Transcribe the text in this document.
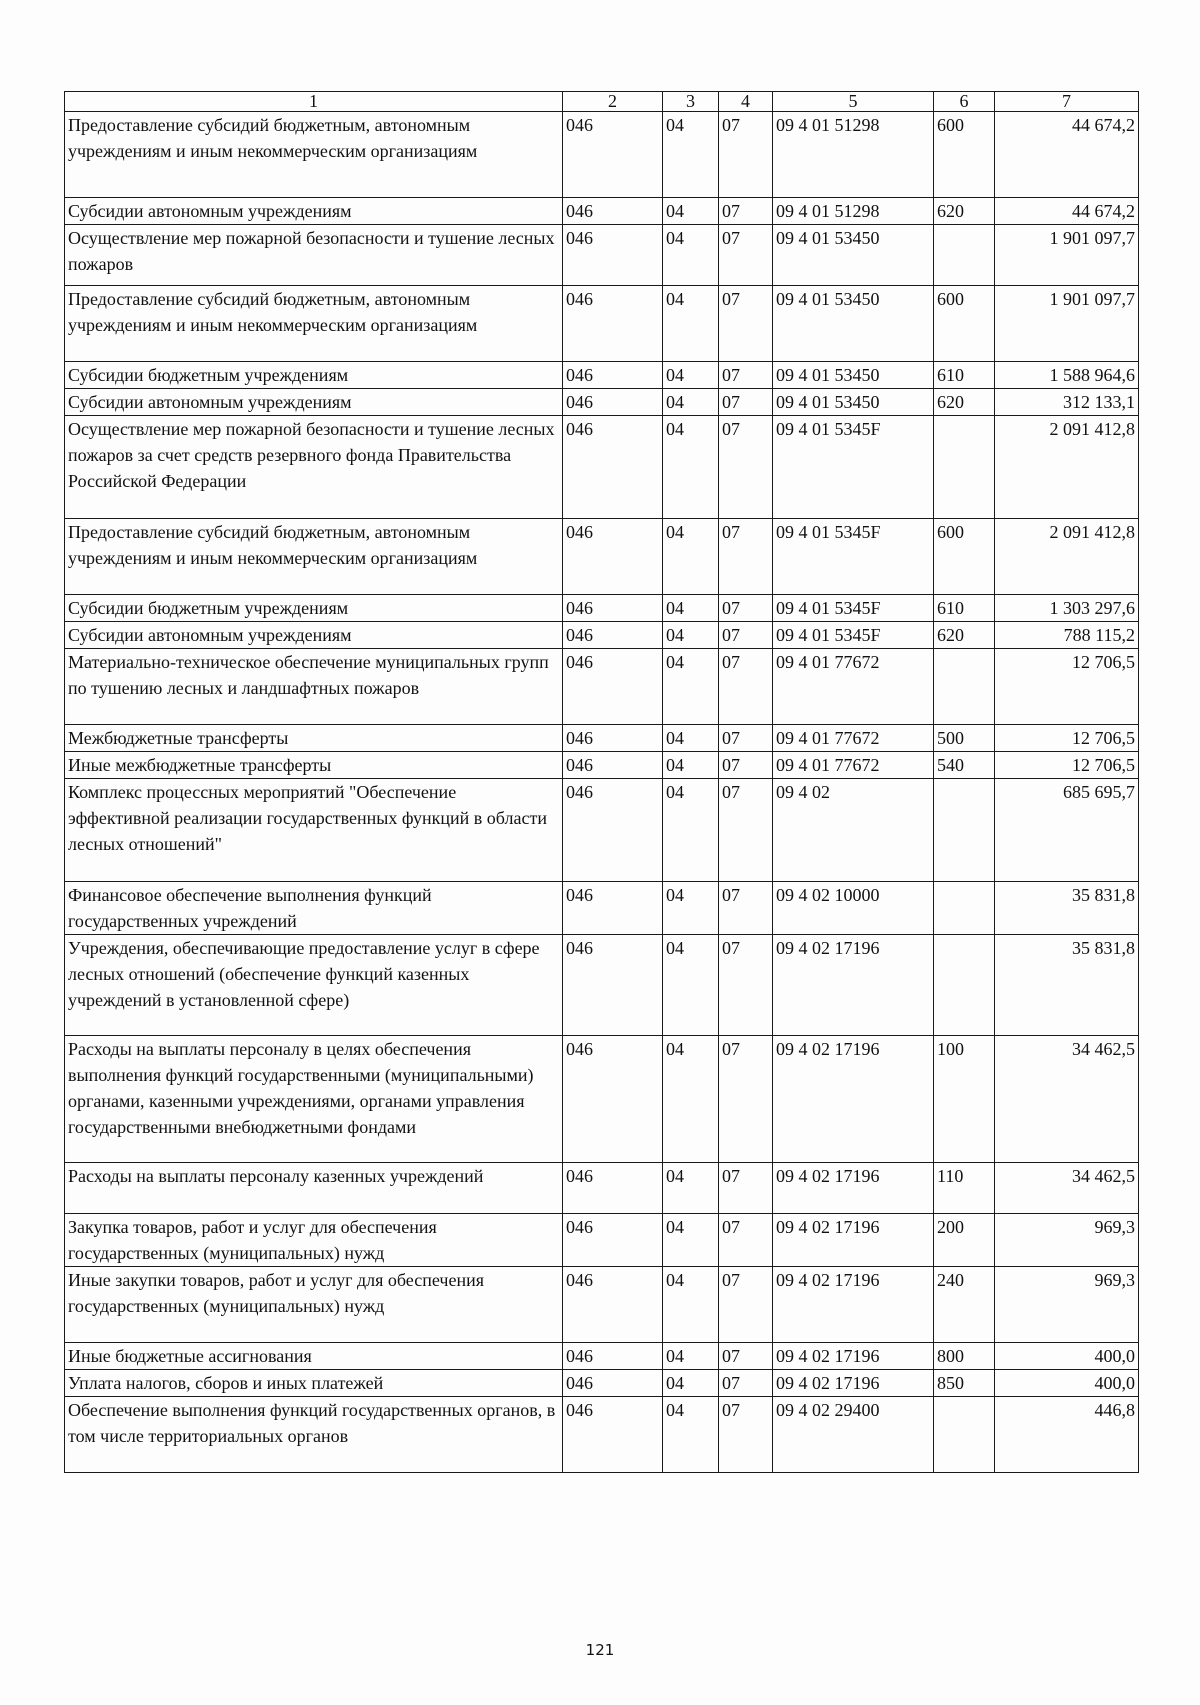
1	2	3	4	5	6	7
Предоставление субсидий бюджетным, автономным учреждениям и иным некоммерческим организациям	046	04	07	09 4 01 51298	600	44 674,2
Субсидии автономным учреждениям	046	04	07	09 4 01 51298	620	44 674,2
Осуществление мер пожарной безопасности и тушение лесных пожаров	046	04	07	09 4 01 53450		1 901 097,7
Предоставление субсидий бюджетным, автономным учреждениям и иным некоммерческим организациям	046	04	07	09 4 01 53450	600	1 901 097,7
Субсидии бюджетным учреждениям	046	04	07	09 4 01 53450	610	1 588 964,6
Субсидии автономным учреждениям	046	04	07	09 4 01 53450	620	312 133,1
Осуществление мер пожарной безопасности и тушение лесных пожаров за счет средств резервного фонда Правительства Российской Федерации	046	04	07	09 4 01 5345F		2 091 412,8
Предоставление субсидий бюджетным, автономным учреждениям и иным некоммерческим организациям	046	04	07	09 4 01 5345F	600	2 091 412,8
Субсидии бюджетным учреждениям	046	04	07	09 4 01 5345F	610	1 303 297,6
Субсидии автономным учреждениям	046	04	07	09 4 01 5345F	620	788 115,2
Материально-техническое обеспечение муниципальных групп по тушению лесных и ландшафтных пожаров	046	04	07	09 4 01 77672		12 706,5
Межбюджетные трансферты	046	04	07	09 4 01 77672	500	12 706,5
Иные межбюджетные трансферты	046	04	07	09 4 01 77672	540	12 706,5
Комплекс процессных мероприятий "Обеспечение эффективной реализации государственных функций в области лесных отношений"	046	04	07	09 4 02		685 695,7
Финансовое обеспечение выполнения функций государственных учреждений	046	04	07	09 4 02 10000		35 831,8
Учреждения, обеспечивающие предоставление услуг в сфере лесных отношений (обеспечение функций казенных учреждений в установленной сфере)	046	04	07	09 4 02 17196		35 831,8
Расходы на выплаты персоналу в целях обеспечения выполнения функций государственными (муниципальными) органами, казенными учреждениями, органами управления государственными внебюджетными фондами	046	04	07	09 4 02 17196	100	34 462,5
Расходы на выплаты персоналу казенных учреждений	046	04	07	09 4 02 17196	110	34 462,5
Закупка товаров, работ и услуг для обеспечения государственных (муниципальных) нужд	046	04	07	09 4 02 17196	200	969,3
Иные закупки товаров, работ и услуг для обеспечения государственных (муниципальных) нужд	046	04	07	09 4 02 17196	240	969,3
Иные бюджетные ассигнования	046	04	07	09 4 02 17196	800	400,0
Уплата налогов, сборов и иных платежей	046	04	07	09 4 02 17196	850	400,0
Обеспечение выполнения функций государственных органов, в том числе территориальных органов	046	04	07	09 4 02 29400		446,8
121
